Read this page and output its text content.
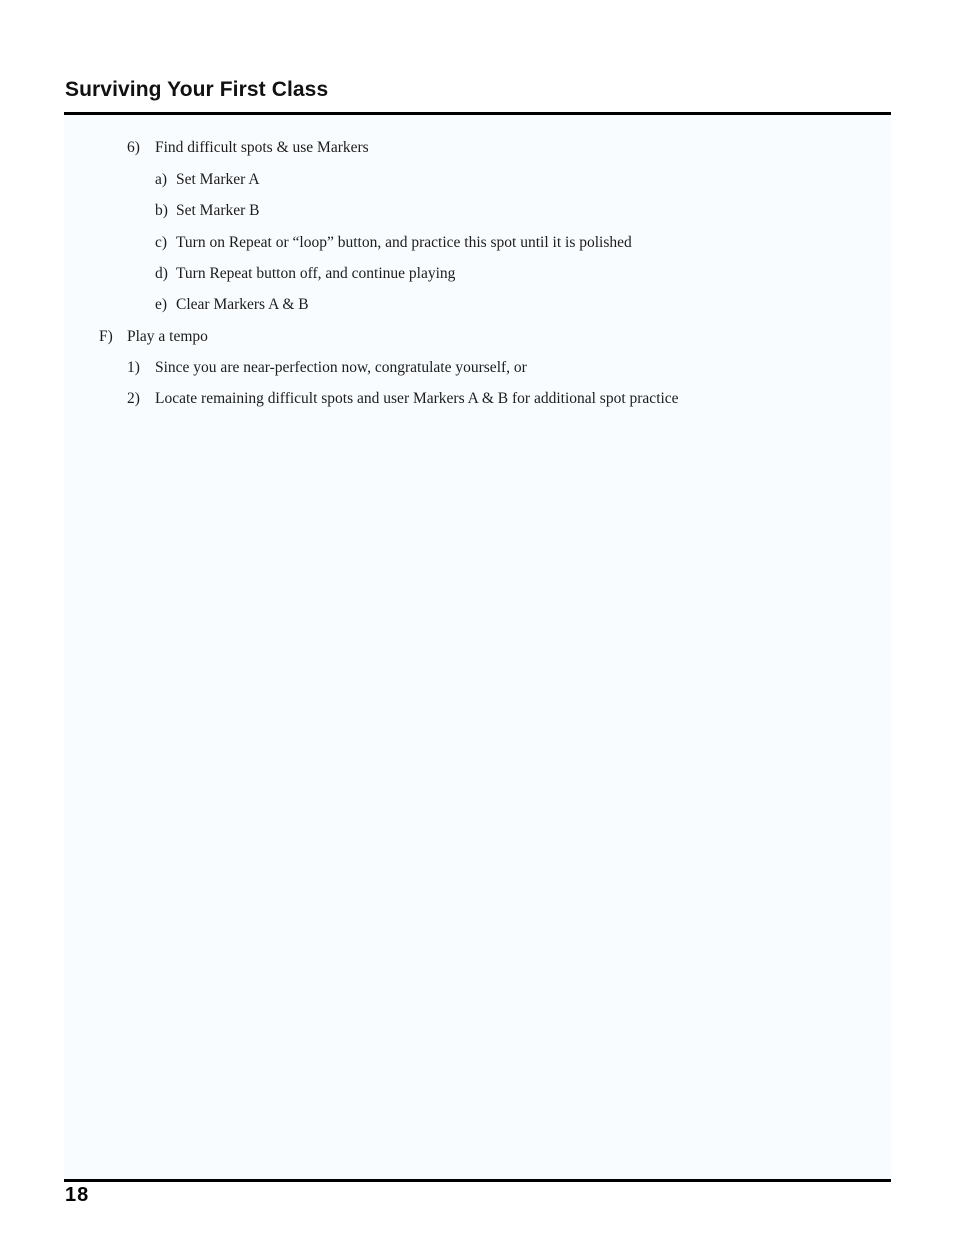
Surviving Your First Class
6) Find difficult spots & use Markers
a) Set Marker A
b) Set Marker B
c) Turn on Repeat or “loop” button, and practice this spot until it is polished
d) Turn Repeat button off, and continue playing
e) Clear Markers A & B
F) Play a tempo
1) Since you are near-perfection now, congratulate yourself, or
2) Locate remaining difficult spots and user Markers A & B for additional spot practice
18
